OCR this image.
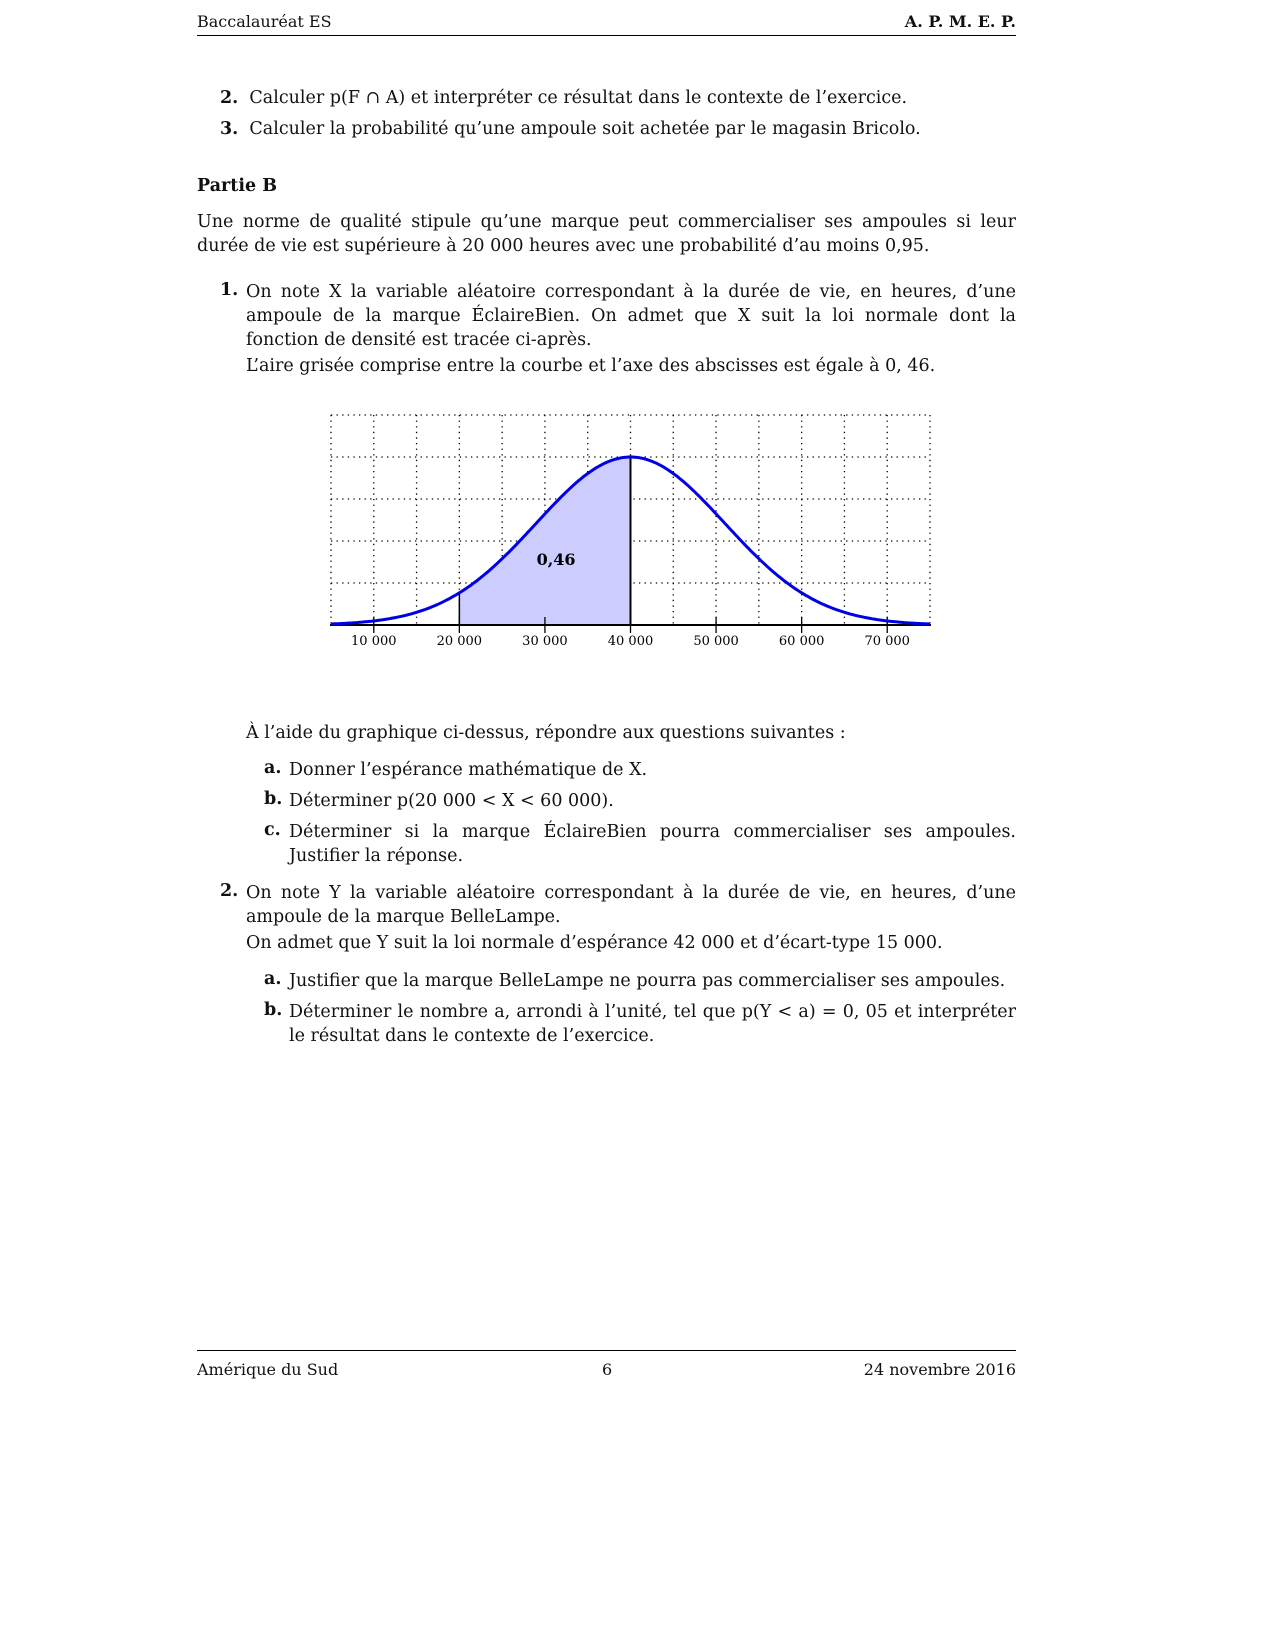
Baccalauréat ES	A. P. M. E. P.
2. Calculer p(F ∩ A) et interpréter ce résultat dans le contexte de l’exercice.
3. Calculer la probabilité qu’une ampoule soit achetée par le magasin Bricolo.
Partie B
Une norme de qualité stipule qu’une marque peut commercialiser ses ampoules si leur durée de vie est supérieure à 20 000 heures avec une probabilité d’au moins 0,95.
1. On note X la variable aléatoire correspondant à la durée de vie, en heures, d’une ampoule de la marque ÉclaireBien. On admet que X suit la loi normale dont la fonction de densité est tracée ci-après.
L’aire grisée comprise entre la courbe et l’axe des abscisses est égale à 0, 46.
10 000	20 000	30 000	40 000	50 000	60 000	70 000
0,46
À l’aide du graphique ci-dessus, répondre aux questions suivantes :
a. Donner l’espérance mathématique de X.
b. Déterminer p(20 000 < X < 60 000).
c. Déterminer si la marque ÉclaireBien pourra commercialiser ses ampoules. Justifier la réponse.
2. On note Y la variable aléatoire correspondant à la durée de vie, en heures, d’une ampoule de la marque BelleLampe.
On admet que Y suit la loi normale d’espérance 42 000 et d’écart-type 15 000.
a. Justifier que la marque BelleLampe ne pourra pas commercialiser ses ampoules.
b. Déterminer le nombre a, arrondi à l’unité, tel que p(Y < a) = 0, 05 et interpréter le résultat dans le contexte de l’exercice.
Amérique du Sud	6	24 novembre 2016
